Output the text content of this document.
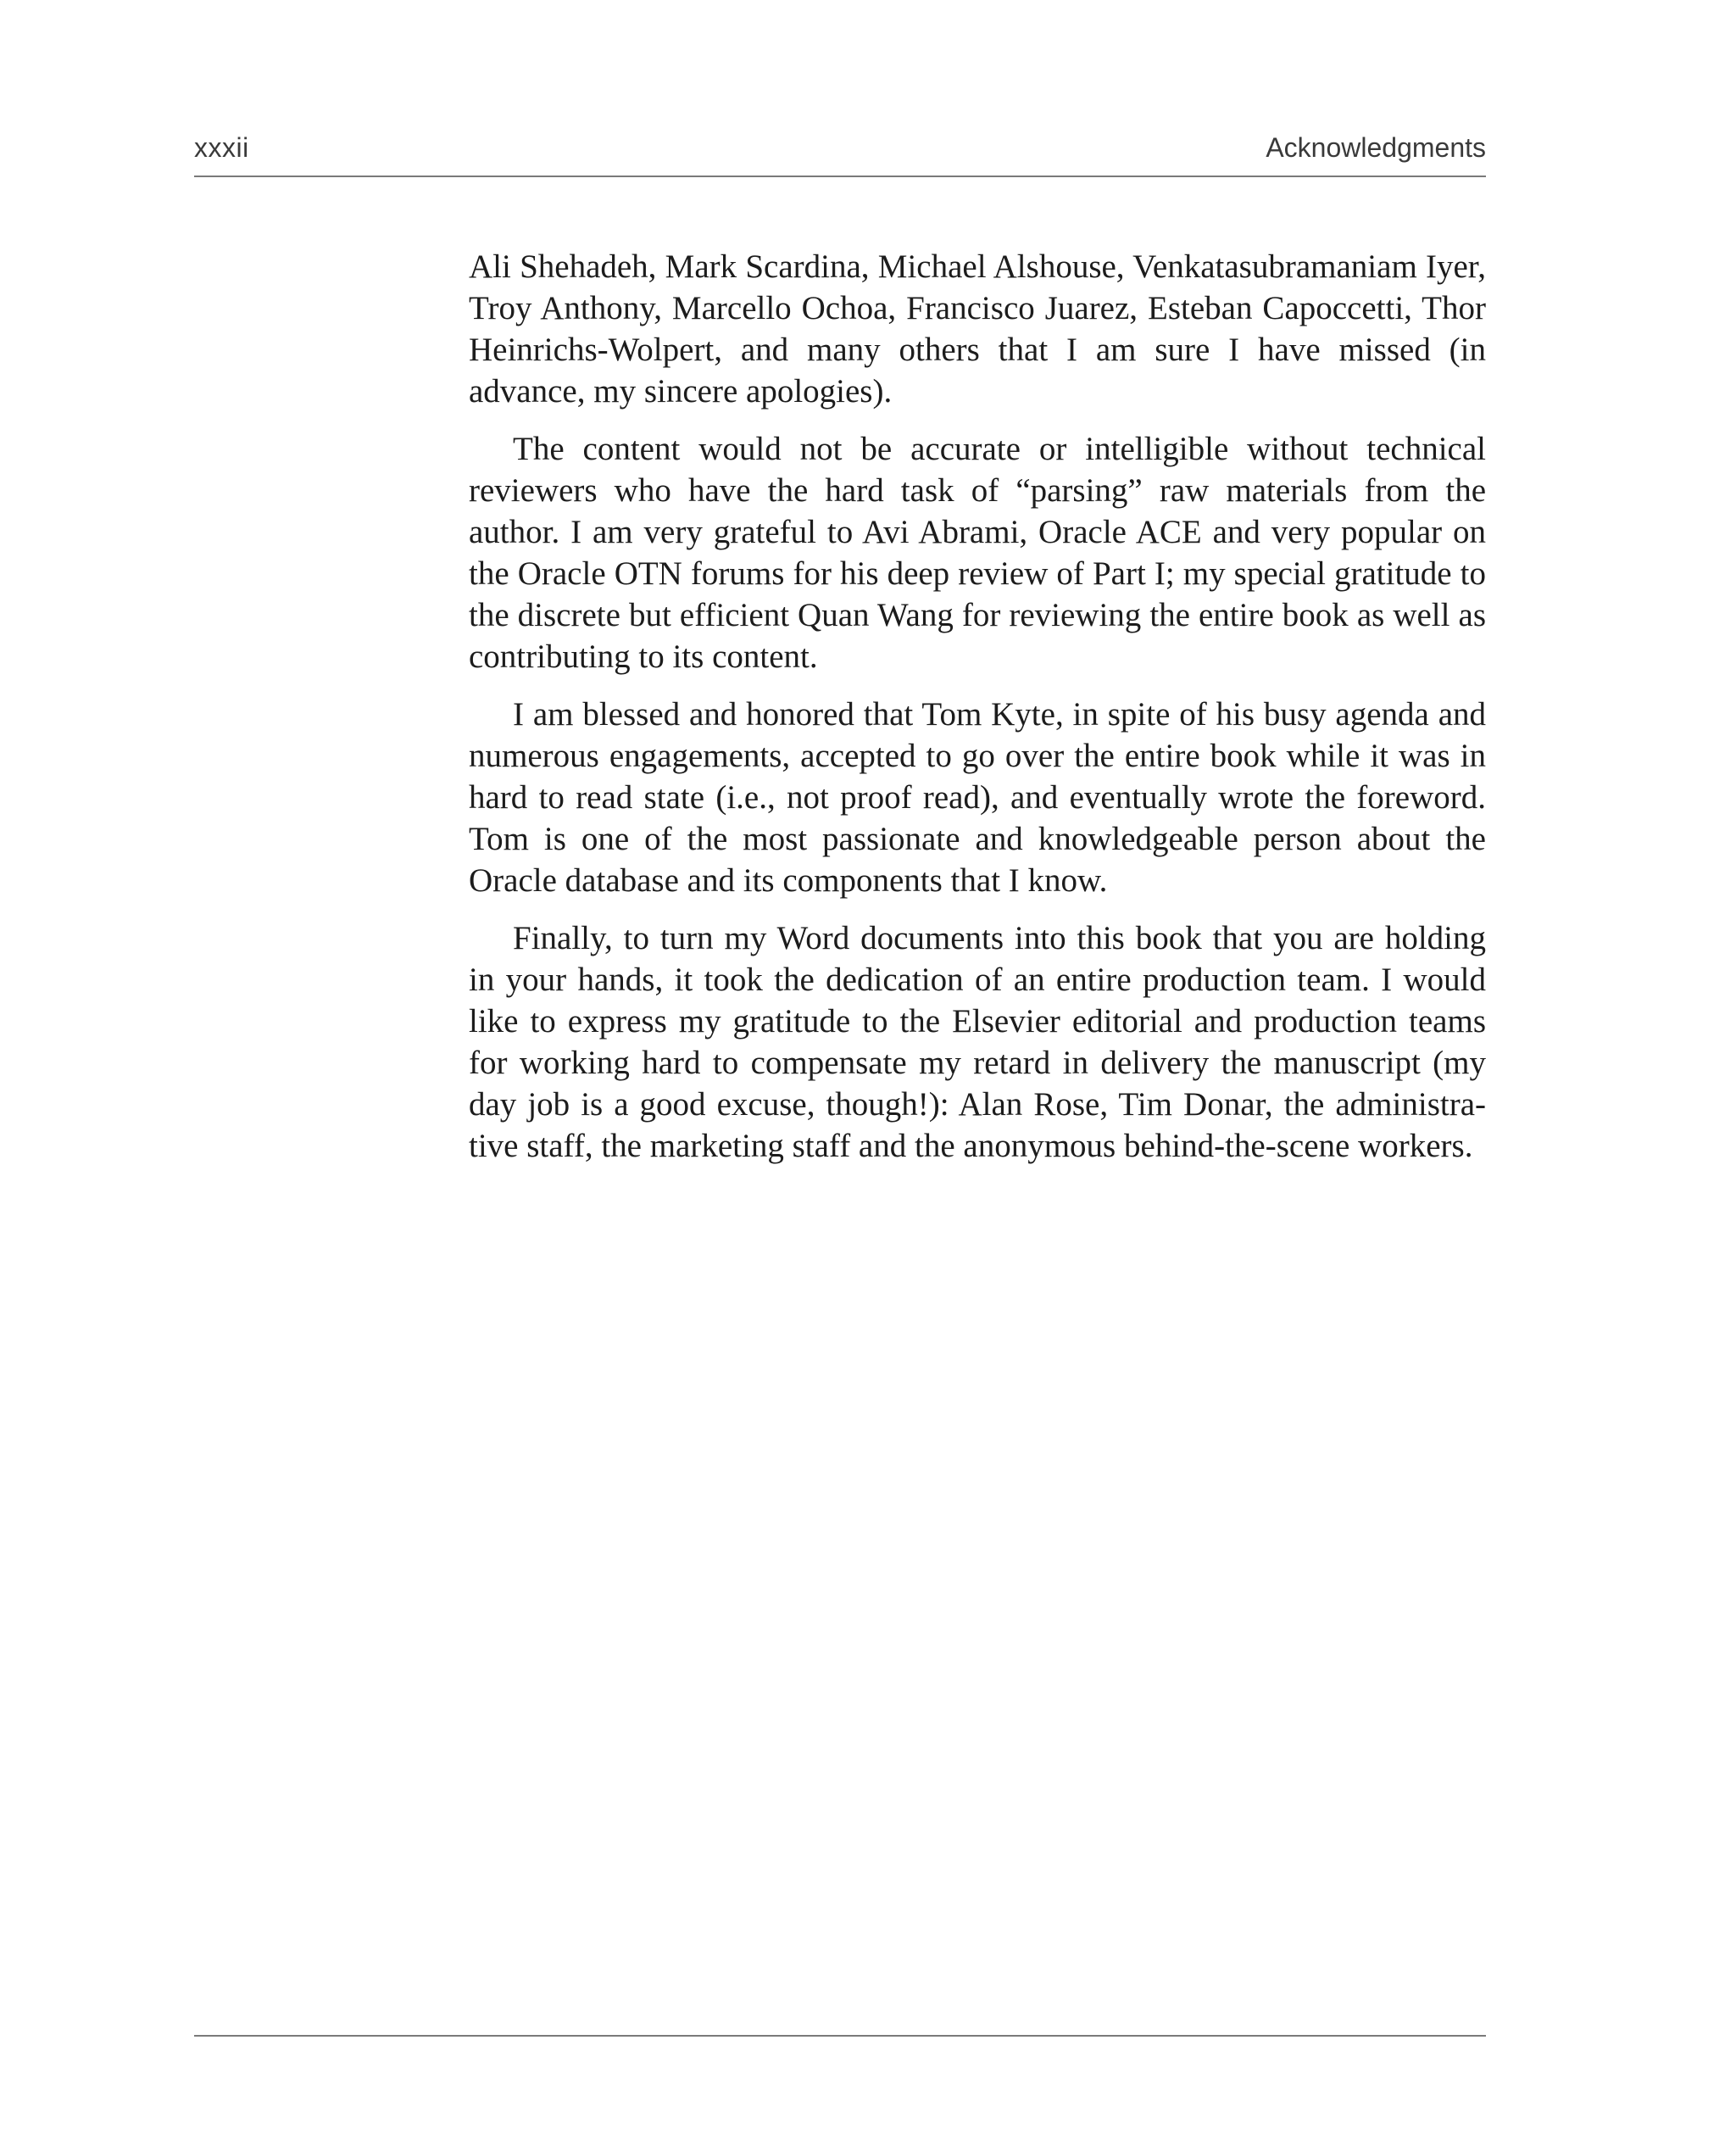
xxxii	Acknowledgments

Ali Shehadeh, Mark Scardina, Michael Alshouse, Venkatasubramaniam Iyer, Troy Anthony, Marcello Ochoa, Francisco Juarez, Esteban Capoccetti, Thor Heinrichs-Wolpert, and many others that I am sure I have missed (in advance, my sincere apologies).

The content would not be accurate or intelligible without technical reviewers who have the hard task of “parsing” raw materials from the author. I am very grateful to Avi Abrami, Oracle ACE and very popular on the Oracle OTN forums for his deep review of Part I; my special gratitude to the discrete but efficient Quan Wang for reviewing the entire book as well as contributing to its content.

I am blessed and honored that Tom Kyte, in spite of his busy agenda and numerous engagements, accepted to go over the entire book while it was in hard to read state (i.e., not proof read), and eventually wrote the foreword. Tom is one of the most passionate and knowledgeable person about the Oracle database and its components that I know.

Finally, to turn my Word documents into this book that you are holding in your hands, it took the dedication of an entire production team. I would like to express my gratitude to the Elsevier editorial and production teams for working hard to compensate my retard in delivery the manuscript (my day job is a good excuse, though!): Alan Rose, Tim Donar, the administra-tive staff, the marketing staff and the anonymous behind-the-scene workers.
